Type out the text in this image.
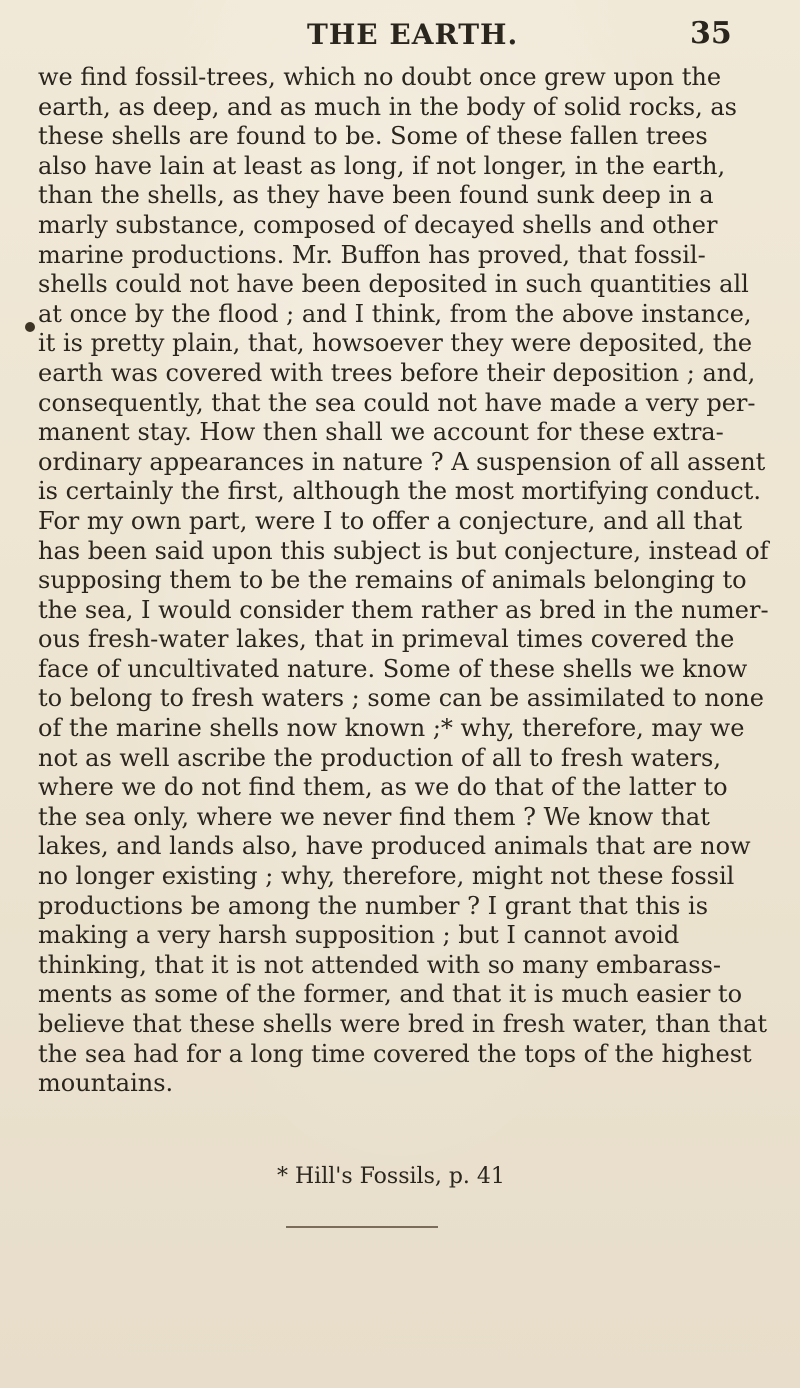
THE EARTH.	35
we find fossil-trees, which no doubt once grew upon the
earth, as deep, and as much in the body of solid rocks, as
these shells are found to be. Some of these fallen trees
also have lain at least as long, if not longer, in the earth,
than the shells, as they have been found sunk deep in a
marly substance, composed of decayed shells and other
marine productions. Mr. Buffon has proved, that fossil-
shells could not have been deposited in such quantities all
at once by the flood ; and I think, from the above instance,
it is pretty plain, that, howsoever they were deposited, the
earth was covered with trees before their deposition ; and,
consequently, that the sea could not have made a very per-
manent stay. How then shall we account for these extra-
ordinary appearances in nature ? A suspension of all assent
is certainly the first, although the most mortifying conduct.
For my own part, were I to offer a conjecture, and all that
has been said upon this subject is but conjecture, instead of
supposing them to be the remains of animals belonging to
the sea, I would consider them rather as bred in the numer-
ous fresh-water lakes, that in primeval times covered the
face of uncultivated nature. Some of these shells we know
to belong to fresh waters ; some can be assimilated to none
of the marine shells now known ;* why, therefore, may we
not as well ascribe the production of all to fresh waters,
where we do not find them, as we do that of the latter to
the sea only, where we never find them ? We know that
lakes, and lands also, have produced animals that are now
no longer existing ; why, therefore, might not these fossil
productions be among the number ? I grant that this is
making a very harsh supposition ; but I cannot avoid
thinking, that it is not attended with so many embarass-
ments as some of the former, and that it is much easier to
believe that these shells were bred in fresh water, than that
the sea had for a long time covered the tops of the highest
mountains.
* Hill's Fossils, p. 41
